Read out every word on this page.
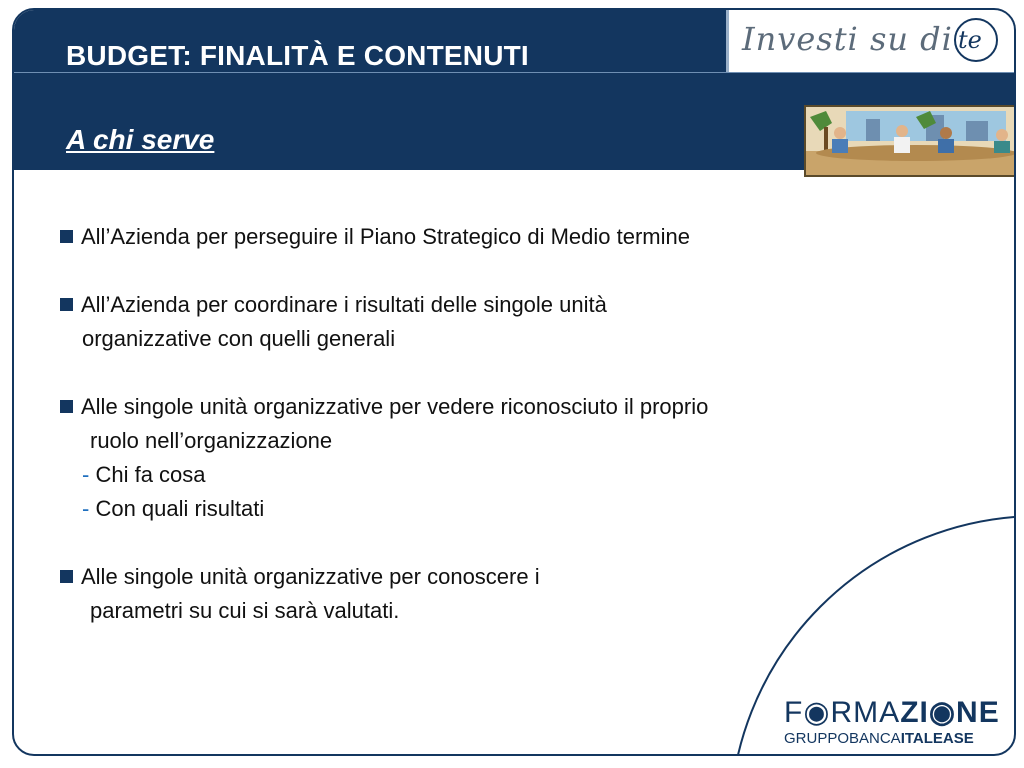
Investi su di te
BUDGET: FINALITÀ E CONTENUTI
A chi serve
F◉RMAZI◉NE
GRUPPOBANCAITALEASE
All’Azienda per perseguire il Piano Strategico di Medio termine
All’Azienda per coordinare i risultati delle singole unità
organizzative con quelli generali
Alle singole unità organizzative per vedere riconosciuto il proprio
ruolo nell’organizzazione
- Chi fa cosa
- Con quali risultati
Alle singole unità organizzative per conoscere i
parametri su cui si sarà valutati.
